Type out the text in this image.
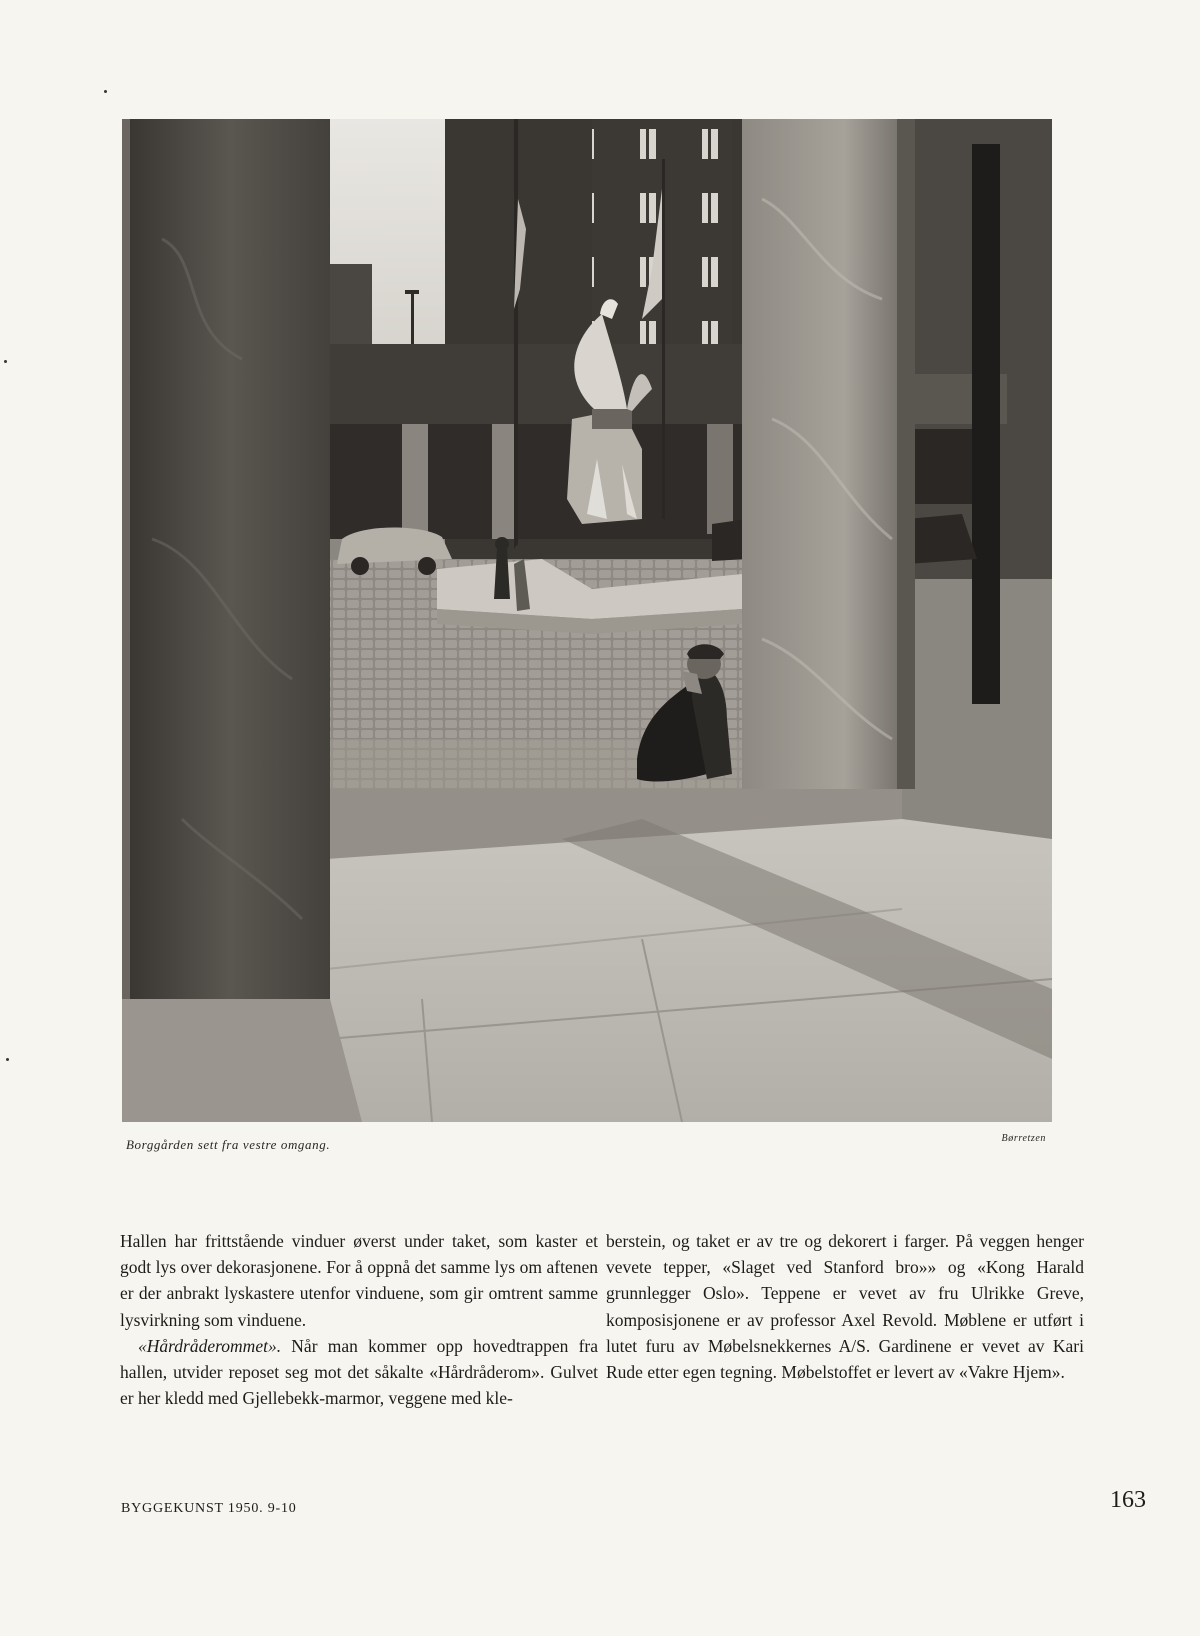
Borggården sett fra vestre omgang.	Børretzen

Hallen har frittstående vinduer øverst under taket, som kaster et godt lys over dekorasjonene. For å oppnå det samme lys om aftenen er der anbrakt lyskastere utenfor vinduene, som gir omtrent samme lysvirkning som vinduene.

«Hårdråderommet». Når man kommer opp hovedtrappen fra hallen, utvider reposet seg mot det såkalte «Hårdråderom». Gulvet er her kledd med Gjellebekk-marmor, veggene med kle-

berstein, og taket er av tre og dekorert i farger. På veggen henger vevete tepper, «Slaget ved Stanford bro»» og «Kong Harald grunnlegger Oslo». Teppene er vevet av fru Ulrikke Greve, komposisjonene er av professor Axel Revold. Møblene er utført i lutet furu av Møbelsnekkernes A/S. Gardinene er vevet av Kari Rude etter egen tegning. Møbelstoffet er levert av «Vakre Hjem».

BYGGEKUNST 1950. 9-10	163
